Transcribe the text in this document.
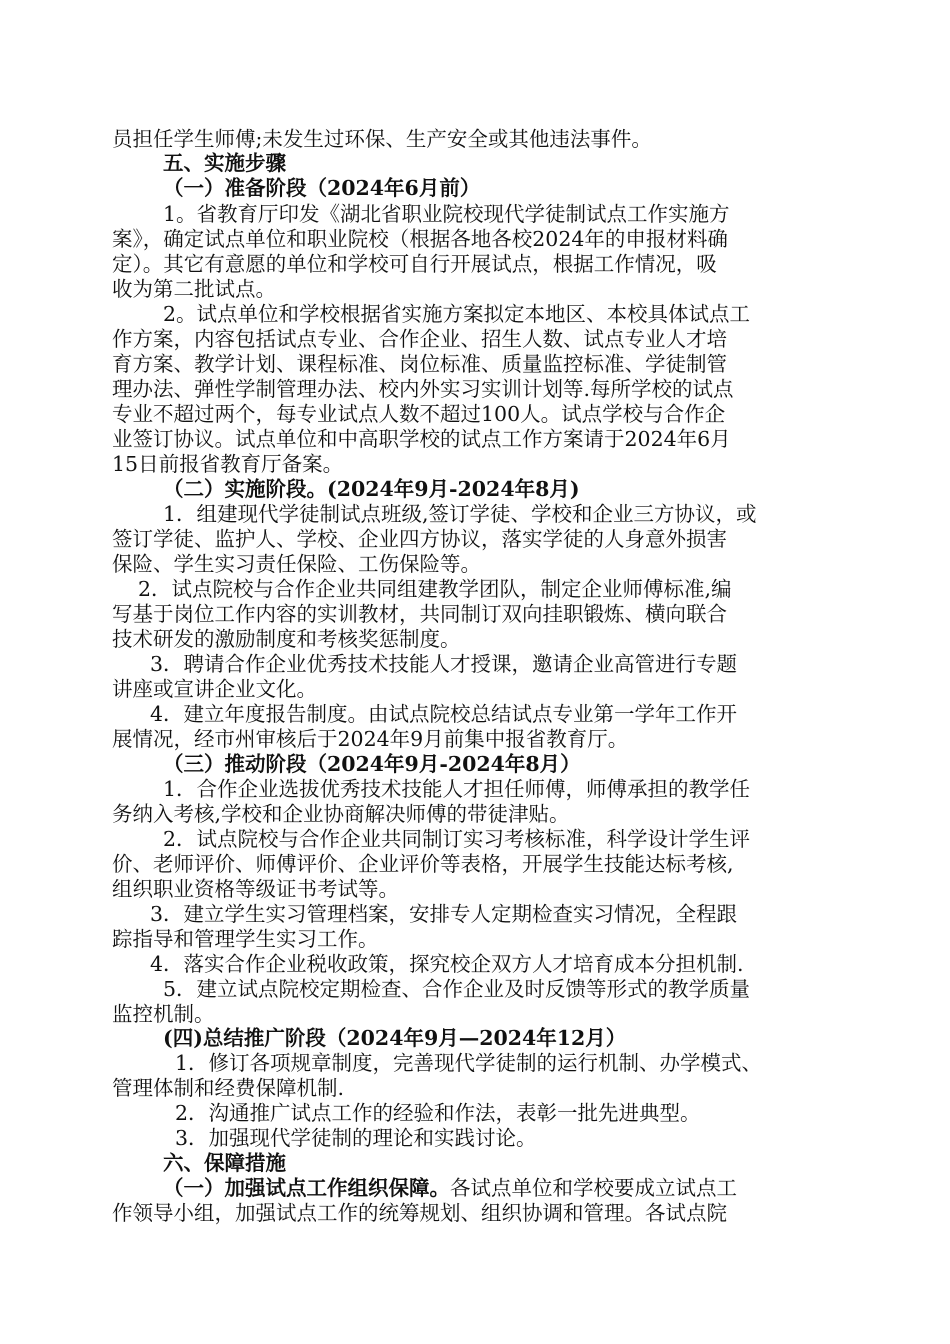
员担任学生师傅;未发生过环保、生产安全或其他违法事件。
五、实施步骤
（一）准备阶段（2024年6月前）
1。省教育厅印发《湖北省职业院校现代学徒制试点工作实施方
案》，确定试点单位和职业院校（根据各地各校2024年的申报材料确
定）。其它有意愿的单位和学校可自行开展试点，根据工作情况，吸
收为第二批试点。
2。试点单位和学校根据省实施方案拟定本地区、本校具体试点工
作方案，内容包括试点专业、合作企业、招生人数、试点专业人才培
育方案、教学计划、课程标准、岗位标准、质量监控标准、学徒制管
理办法、弹性学制管理办法、校内外实习实训计划等.每所学校的试点
专业不超过两个，每专业试点人数不超过100人。试点学校与合作企
业签订协议。试点单位和中高职学校的试点工作方案请于2024年6月
15日前报省教育厅备案。
（二）实施阶段。(2024年9月-2024年8月)
1．组建现代学徒制试点班级,签订学徒、学校和企业三方协议，或
签订学徒、监护人、学校、企业四方协议，落实学徒的人身意外损害
保险、学生实习责任保险、工伤保险等。
2．试点院校与合作企业共同组建教学团队，制定企业师傅标准,编
写基于岗位工作内容的实训教材，共同制订双向挂职锻炼、横向联合
技术研发的激励制度和考核奖惩制度。
3．聘请合作企业优秀技术技能人才授课，邀请企业高管进行专题
讲座或宣讲企业文化。
4．建立年度报告制度。由试点院校总结试点专业第一学年工作开
展情况，经市州审核后于2024年9月前集中报省教育厅。
（三）推动阶段（2024年9月-2024年8月）
1．合作企业选拔优秀技术技能人才担任师傅，师傅承担的教学任
务纳入考核,学校和企业协商解决师傅的带徒津贴。
2．试点院校与合作企业共同制订实习考核标准，科学设计学生评
价、老师评价、师傅评价、企业评价等表格，开展学生技能达标考核,
组织职业资格等级证书考试等。
3．建立学生实习管理档案，安排专人定期检查实习情况，全程跟
踪指导和管理学生实习工作。
4．落实合作企业税收政策，探究校企双方人才培育成本分担机制.
5．建立试点院校定期检查、合作企业及时反馈等形式的教学质量
监控机制。
(四)总结推广阶段（2024年9月—2024年12月）
1．修订各项规章制度，完善现代学徒制的运行机制、办学模式、
管理体制和经费保障机制.
2．沟通推广试点工作的经验和作法，表彰一批先进典型。
3．加强现代学徒制的理论和实践讨论。
六、保障措施
（一）加强试点工作组织保障。各试点单位和学校要成立试点工
作领导小组，加强试点工作的统筹规划、组织协调和管理。各试点院
